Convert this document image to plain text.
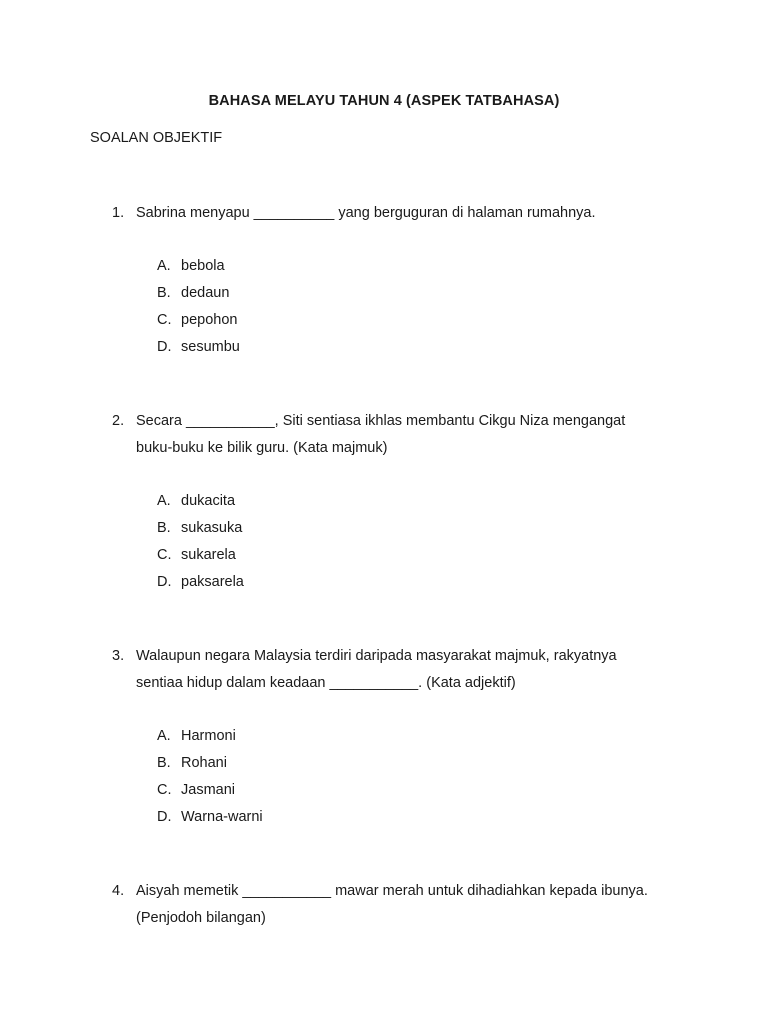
BAHASA MELAYU TAHUN 4 (ASPEK TATBAHASA)
SOALAN OBJEKTIF
1. Sabrina menyapu __________ yang berguguran di halaman rumahnya.
A. bebola
B. dedaun
C. pepohon
D. sesumbu
2. Secara ___________, Siti sentiasa ikhlas membantu Cikgu Niza mengangat
buku-buku ke bilik guru. (Kata majmuk)
A. dukacita
B. sukasuka
C. sukarela
D. paksarela
3. Walaupun negara Malaysia terdiri daripada masyarakat majmuk, rakyatnya
sentiaa hidup dalam keadaan ___________. (Kata adjektif)
A. Harmoni
B. Rohani
C. Jasmani
D. Warna-warni
4. Aisyah memetik ___________ mawar merah untuk dihadiahkan kepada ibunya.
(Penjodoh bilangan)
